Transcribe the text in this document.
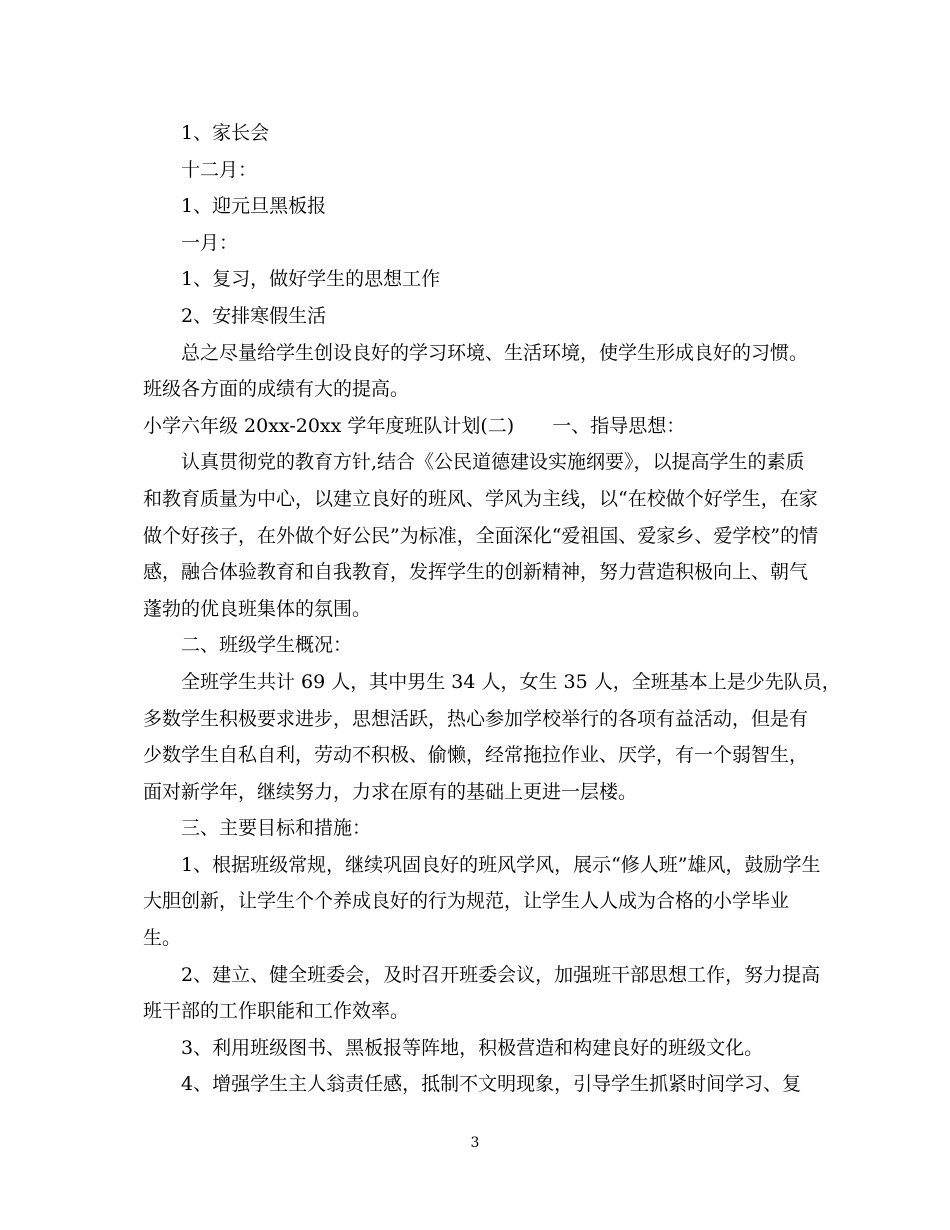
1、家长会
十二月：
1、迎元旦黑板报
一月：
1、复习，做好学生的思想工作
2、安排寒假生活
总之尽量给学生创设良好的学习环境、生活环境，使学生形成良好的习惯。
班级各方面的成绩有大的提高。
小学六年级 20xx-20xx 学年度班队计划(二) 一、指导思想：
认真贯彻党的教育方针,结合《公民道德建设实施纲要》，以提高学生的素质
和教育质量为中心，以建立良好的班风、学风为主线，以“在校做个好学生，在家
做个好孩子，在外做个好公民”为标准，全面深化“爱祖国、爱家乡、爱学校”的情
感，融合体验教育和自我教育，发挥学生的创新精神，努力营造积极向上、朝气
蓬勃的优良班集体的氛围。
二、班级学生概况：
全班学生共计 69 人，其中男生 34 人，女生 35 人，全班基本上是少先队员，
多数学生积极要求进步，思想活跃，热心参加学校举行的各项有益活动，但是有
少数学生自私自利，劳动不积极、偷懒，经常拖拉作业、厌学，有一个弱智生，
面对新学年，继续努力，力求在原有的基础上更进一层楼。
三、主要目标和措施：
1、根据班级常规，继续巩固良好的班风学风，展示“修人班”雄风，鼓励学生
大胆创新，让学生个个养成良好的行为规范，让学生人人成为合格的小学毕业
生。
2、建立、健全班委会，及时召开班委会议，加强班干部思想工作，努力提高
班干部的工作职能和工作效率。
3、利用班级图书、黑板报等阵地，积极营造和构建良好的班级文化。
4、增强学生主人翁责任感，抵制不文明现象，引导学生抓紧时间学习、复
3
